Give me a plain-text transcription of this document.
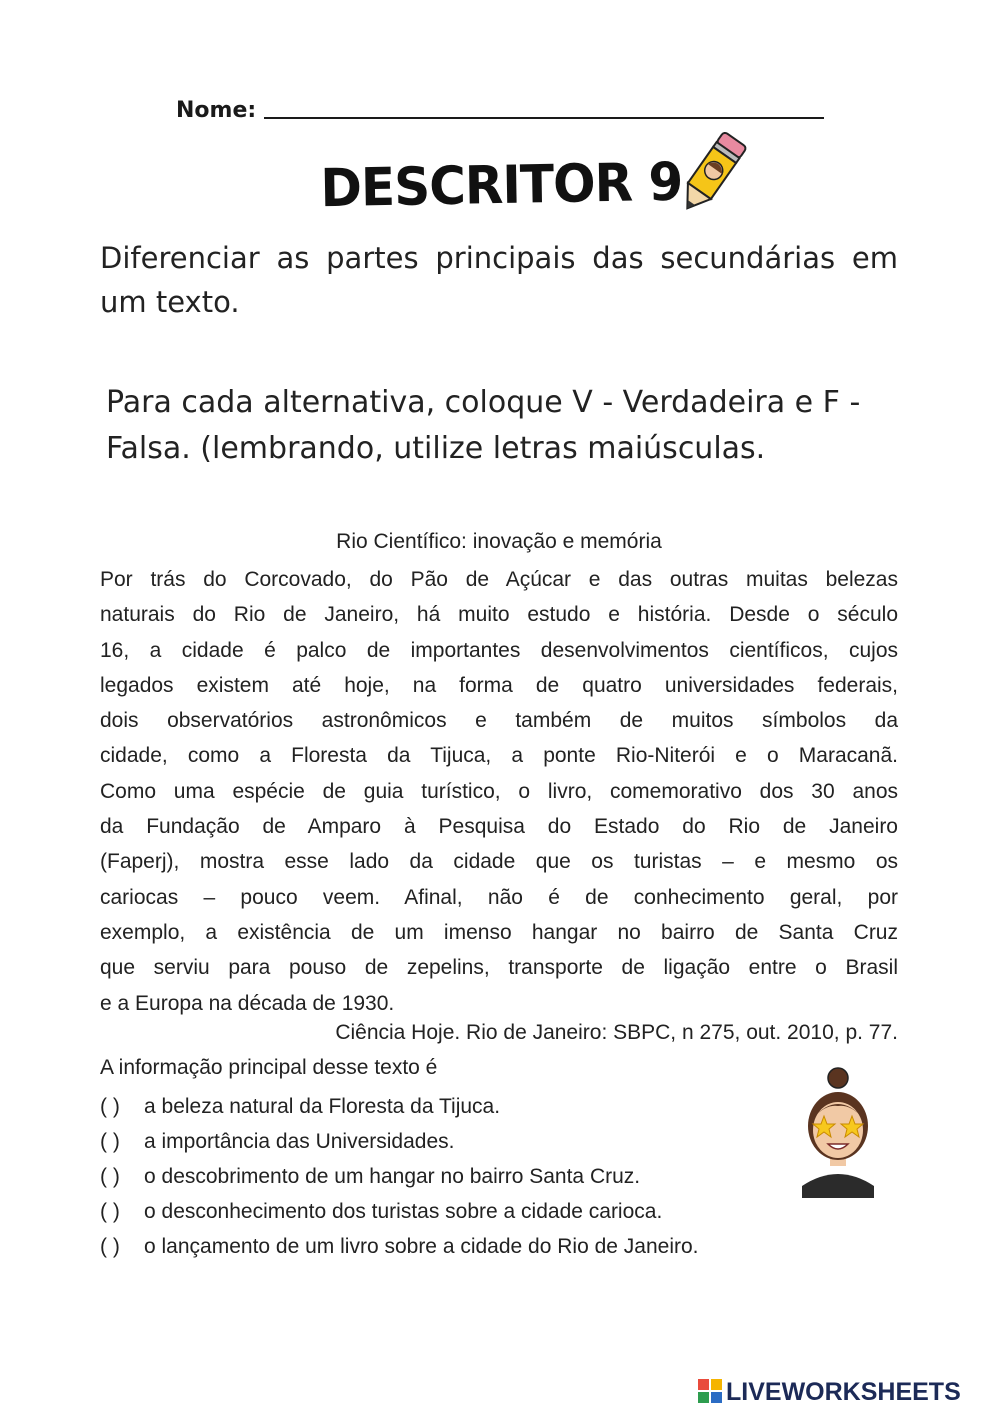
Nome:
DESCRITOR 9
Diferenciar as partes principais das secundárias em um texto.
Para cada alternativa, coloque V - Verdadeira e F - Falsa. (lembrando, utilize letras maiúsculas.
Rio Científico: inovação e memória
Por trás do Corcovado, do Pão de Açúcar e das outras muitas belezas
naturais do Rio de Janeiro, há muito estudo e história. Desde o século
16, a cidade é palco de importantes desenvolvimentos científicos, cujos
legados existem até hoje, na forma de quatro universidades federais,
dois observatórios astronômicos e também de muitos símbolos da
cidade, como a Floresta da Tijuca, a ponte Rio-Niterói e o Maracanã.
Como uma espécie de guia turístico, o livro, comemorativo dos 30 anos
da Fundação de Amparo à Pesquisa do Estado do Rio de Janeiro
(Faperj), mostra esse lado da cidade que os turistas – e mesmo os
cariocas – pouco veem. Afinal, não é de conhecimento geral, por
exemplo, a existência de um imenso hangar no bairro de Santa Cruz
que serviu para pouso de zepelins, transporte de ligação entre o Brasil
e a Europa na década de 1930.
Ciência Hoje. Rio de Janeiro: SBPC, n 275, out. 2010, p. 77.
A informação principal desse texto é
( ) a beleza natural da Floresta da Tijuca.
( ) a importância das Universidades.
( ) o descobrimento de um hangar no bairro Santa Cruz.
( ) o desconhecimento dos turistas sobre a cidade carioca.
( ) o lançamento de um livro sobre a cidade do Rio de Janeiro.
LIVEWORKSHEETS
